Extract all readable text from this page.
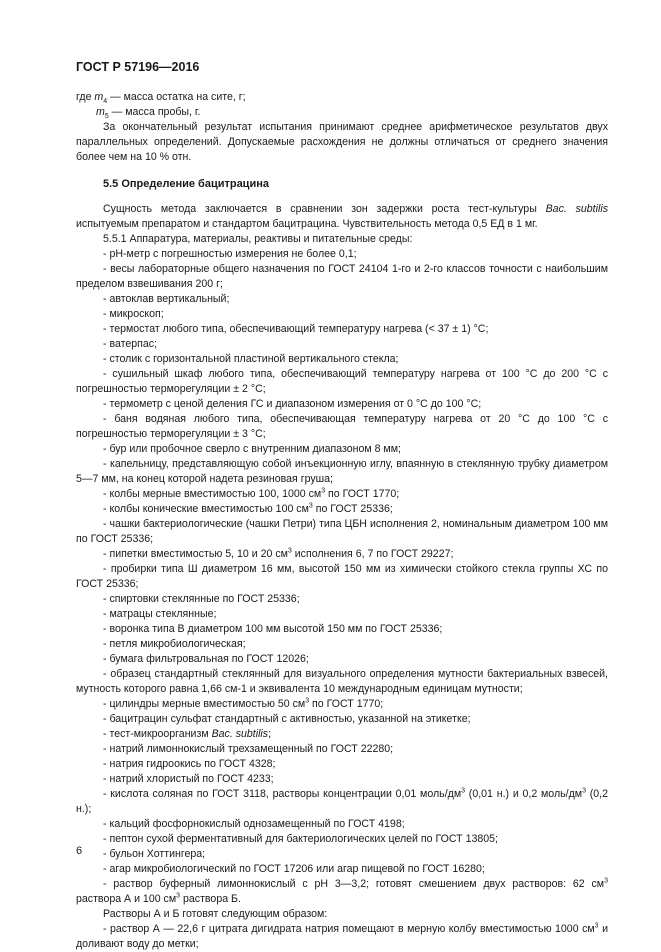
ГОСТ Р 57196—2016

где $m_4$ — масса остатка на сите, г;

$m_5$ — масса пробы, г.

За окончательный результат испытания принимают среднее арифметическое результатов двух параллельных определений. Допускаемые расхождения не должны отличаться от среднего значения более чем на 10 % отн.

5.5 Определение бацитрацина

Сущность метода заключается в сравнении зон задержки роста тест-культуры Bac. subtilis испытуемым препаратом и стандартом бацитрацина. Чувствительность метода 0,5 ЕД в 1 мг.

5.5.1 Аппаратура, материалы, реактивы и питательные среды:

- pH-метр с погрешностью измерения не более 0,1;

- весы лабораторные общего назначения по ГОСТ 24104 1-го и 2-го классов точности с наибольшим пределом взвешивания 200 г;

- автоклав вертикальный;

- микроскоп;

- термостат любого типа, обеспечивающий температуру нагрева (< 37 ± 1) °С;

- ватерпас;

- столик с горизонтальной пластиной вертикального стекла;

- сушильный шкаф любого типа, обеспечивающий температуру нагрева от 100 °С до 200 °С с погрешностью терморегуляции ± 2 °С;

- термометр с ценой деления ГС и диапазоном измерения от 0 °С до 100 °С;

- баня водяная любого типа, обеспечивающая температуру нагрева от 20 °С до 100 °С с погрешностью терморегуляции ± 3 °С;

- бур или пробочное сверло с внутренним диапазоном 8 мм;

- капельницу, представляющую собой инъекционную иглу, впаянную в стеклянную трубку диаметром 5—7 мм, на конец которой надета резиновая груша;

- колбы мерные вместимостью 100, 1000 $см^3$ по ГОСТ 1770;

- колбы конические вместимостью 100 $см^3$ по ГОСТ 25336;

- чашки бактериологические (чашки Петри) типа ЦБН исполнения 2, номинальным диаметром 100 мм по ГОСТ 25336;

- пипетки вместимостью 5, 10 и 20 $см^3$ исполнения 6, 7 по ГОСТ 29227;

- пробирки типа Ш диаметром 16 мм, высотой 150 мм из химически стойкого стекла группы ХС по ГОСТ 25336;

- спиртовки стеклянные по ГОСТ 25336;

- матрацы стеклянные;

- воронка типа В диаметром 100 мм высотой 150 мм по ГОСТ 25336;

- петля микробиологическая;

- бумага фильтровальная по ГОСТ 12026;

- образец стандартный стеклянный для визуального определения мутности бактериальных взвесей, мутность которого равна 1,66 см-1 и эквивалента 10 международным единицам мутности;

- цилиндры мерные вместимостью 50 $см^3$ по ГОСТ 1770;

- бацитрацин сульфат стандартный с активностью, указанной на этикетке;

- тест-микроорганизм Bac. subtilis;

- натрий лимоннокислый трехзамещенный по ГОСТ 22280;

- натрия гидроокись по ГОСТ 4328;

- натрий хлористый по ГОСТ 4233;

- кислота соляная по ГОСТ 3118, растворы концентрации 0,01 моль/$дм^3$ (0,01 н.) и 0,2 моль/$дм^3$ (0,2 н.);

- кальций фосфорнокислый однозамещенный по ГОСТ 4198;

- пептон сухой ферментативный для бактериологических целей по ГОСТ 13805;

- бульон Хоттингера;

- агар микробиологический по ГОСТ 17206 или агар пищевой по ГОСТ 16280;

- раствор буферный лимоннокислый с pH 3—3,2; готовят смешением двух растворов: 62 $см^3$ раствора А и 100 $см^3$ раствора Б.

Растворы А и Б готовят следующим образом:

- раствор А — 22,6 г цитрата дигидрата натрия помещают в мерную колбу вместимостью 1000 $см^3$ и доливают воду до метки;

6
